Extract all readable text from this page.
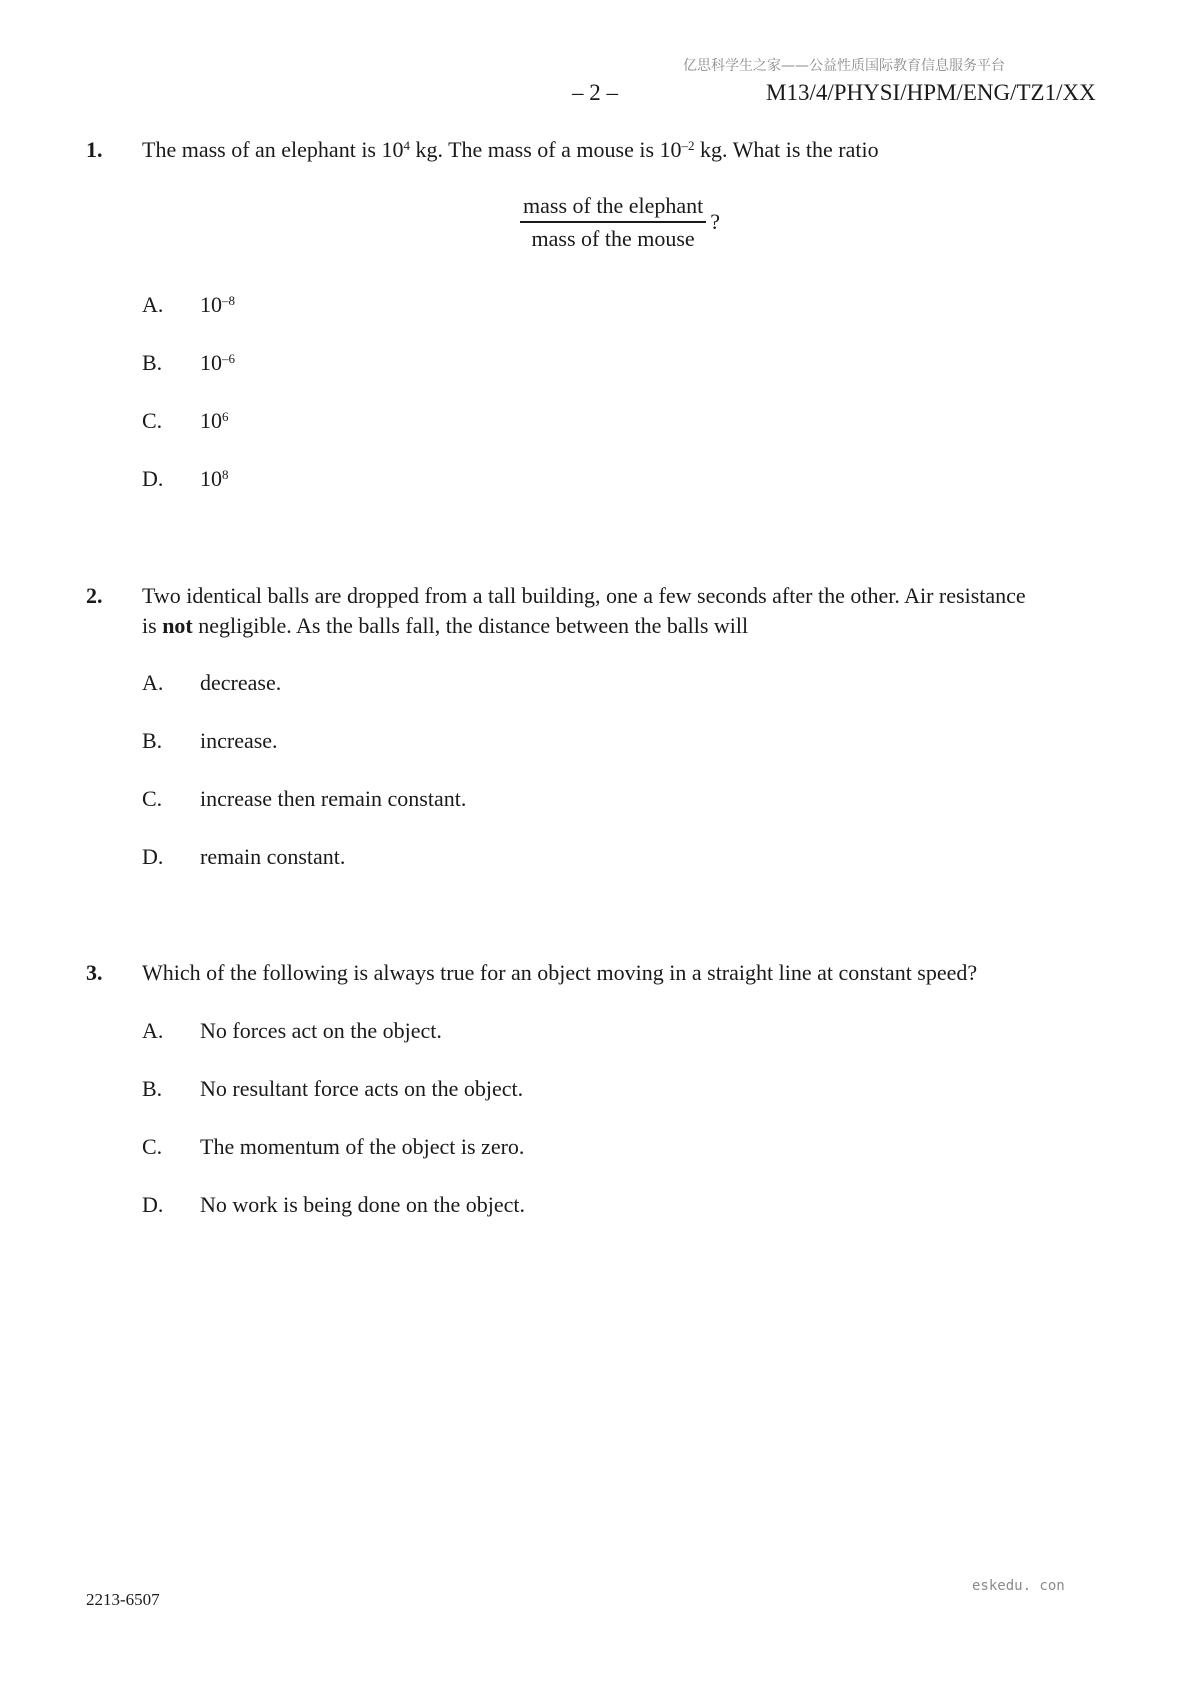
亿思科学生之家——公益性质国际教育信息服务平台
– 2 –	M13/4/PHYSI/HPM/ENG/TZ1/XX
1. The mass of an elephant is $10^4$ kg. The mass of a mouse is $10^{-2}$ kg. What is the ratio
$\frac{\text{mass of the elephant}}{\text{mass of the mouse}}$ ?
A. $10^{-8}$
B. $10^{-6}$
C. $10^6$
D. $10^8$
2. Two identical balls are dropped from a tall building, one a few seconds after the other. Air resistance
is not negligible. As the balls fall, the distance between the balls will
A. decrease.
B. increase.
C. increase then remain constant.
D. remain constant.
3. Which of the following is always true for an object moving in a straight line at constant speed?
A. No forces act on the object.
B. No resultant force acts on the object.
C. The momentum of the object is zero.
D. No work is being done on the object.
2213-6507
eskedu. con
